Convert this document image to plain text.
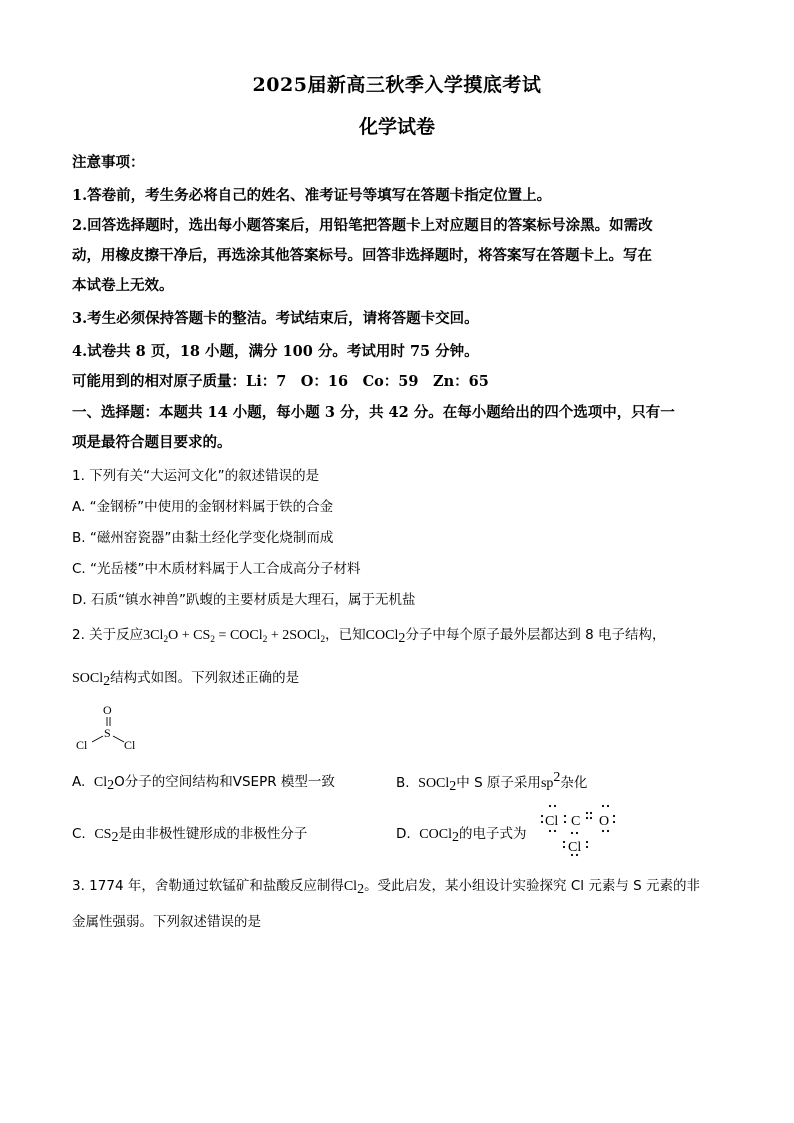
2025届新高三秋季入学摸底考试
化学试卷
注意事项：
1.答卷前，考生务必将自己的姓名、准考证号等填写在答题卡指定位置上。
2.回答选择题时，选出每小题答案后，用铅笔把答题卡上对应题目的答案标号涂黑。如需改
动，用橡皮擦干净后，再选涂其他答案标号。回答非选择题时，将答案写在答题卡上。写在
本试卷上无效。
3.考生必须保持答题卡的整洁。考试结束后，请将答题卡交回。
4.试卷共 8 页，18 小题，满分 100 分。考试用时 75 分钟。
可能用到的相对原子质量：Li：7　O：16　Co：59　Zn：65
一、选择题：本题共 14 小题，每小题 3 分，共 42 分。在每小题给出的四个选项中，只有一
项是最符合题目要求的。
1. 下列有关“大运河文化”的叙述错误的是
A. “金钢桥”中使用的金钢材料属于铁的合金
B. “磁州窑瓷器”由黏土经化学变化烧制而成
C. “光岳楼”中木质材料属于人工合成高分子材料
D. 石质“镇水神兽”趴蝮的主要材质是大理石，属于无机盐
2. 关于反应$3Cl_2O + CS_2$ = COCl$_2$ + 2SOCl$_2$，已知COCl2分子中每个原子最外层都达到 8 电子结构，
SOCl2结构式如图。下列叙述正确的是
O
S
Cl	Cl
A. Cl2O分子的空间结构和VSEPR 模型一致	B. SOCl2中 S 原子采用sp2杂化
C. CS2是由非极性键形成的非极性分子	D. COCl2的电子式为
Cl C O
Cl
3. 1774 年，舍勒通过软锰矿和盐酸反应制得Cl2。受此启发，某小组设计实验探究 Cl 元素与 S 元素的非
金属性强弱。下列叙述错误的是
